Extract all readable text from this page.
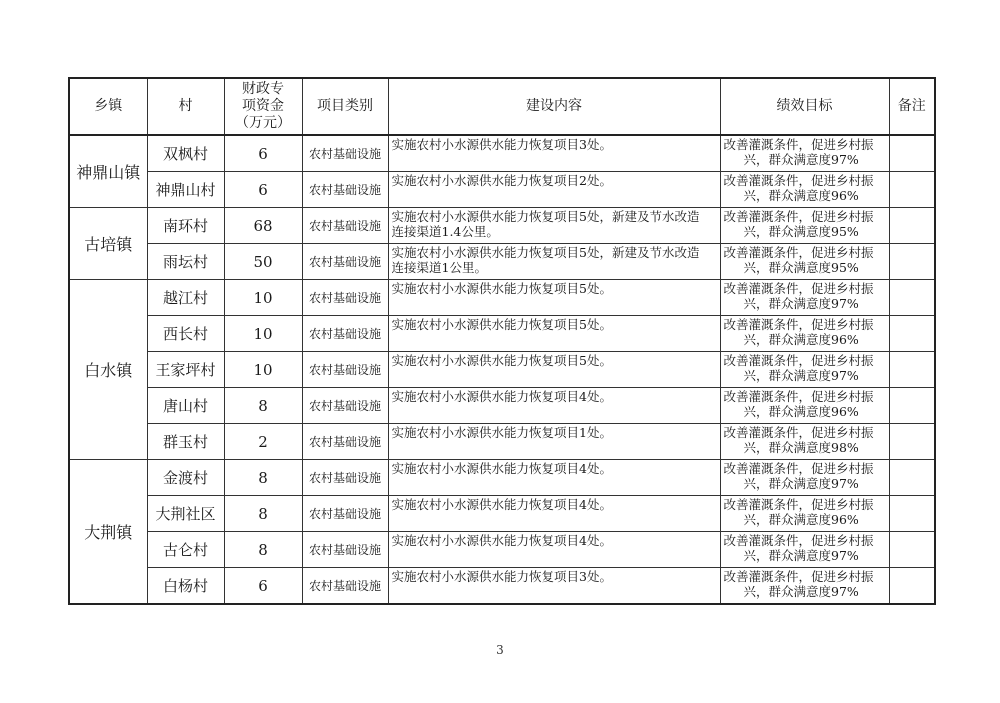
乡镇	村	财政专
项资金
（万元）	项目类别	建设内容	绩效目标	备注
神鼎山镇	双枫村	6	农村基础设施	实施农村小水源供水能力恢复项目3处。	改善灌溉条件，促进乡村振
兴，群众满意度97%	

	神鼎山村	6	农村基础设施	实施农村小水源供水能力恢复项目2处。	改善灌溉条件，促进乡村振
兴，群众满意度96%	

古培镇	南环村	68	农村基础设施	实施农村小水源供水能力恢复项目5处，新建及节水改造
连接渠道1.4公里。	改善灌溉条件，促进乡村振
兴，群众满意度95%	

	雨坛村	50	农村基础设施	实施农村小水源供水能力恢复项目5处，新建及节水改造
连接渠道1公里。	改善灌溉条件，促进乡村振
兴，群众满意度95%	

白水镇	越江村	10	农村基础设施	实施农村小水源供水能力恢复项目5处。	改善灌溉条件，促进乡村振
兴，群众满意度97%	

	西长村	10	农村基础设施	实施农村小水源供水能力恢复项目5处。	改善灌溉条件，促进乡村振
兴，群众满意度96%	

	王家坪村	10	农村基础设施	实施农村小水源供水能力恢复项目5处。	改善灌溉条件，促进乡村振
兴，群众满意度97%	

	唐山村	8	农村基础设施	实施农村小水源供水能力恢复项目4处。	改善灌溉条件，促进乡村振
兴，群众满意度96%	

	群玉村	2	农村基础设施	实施农村小水源供水能力恢复项目1处。	改善灌溉条件，促进乡村振
兴，群众满意度98%	

大荆镇	金渡村	8	农村基础设施	实施农村小水源供水能力恢复项目4处。	改善灌溉条件，促进乡村振
兴，群众满意度97%	

	大荆社区	8	农村基础设施	实施农村小水源供水能力恢复项目4处。	改善灌溉条件，促进乡村振
兴，群众满意度96%	

	古仑村	8	农村基础设施	实施农村小水源供水能力恢复项目4处。	改善灌溉条件，促进乡村振
兴，群众满意度97%	

	白杨村	6	农村基础设施	实施农村小水源供水能力恢复项目3处。	改善灌溉条件，促进乡村振
兴，群众满意度97%	

3
